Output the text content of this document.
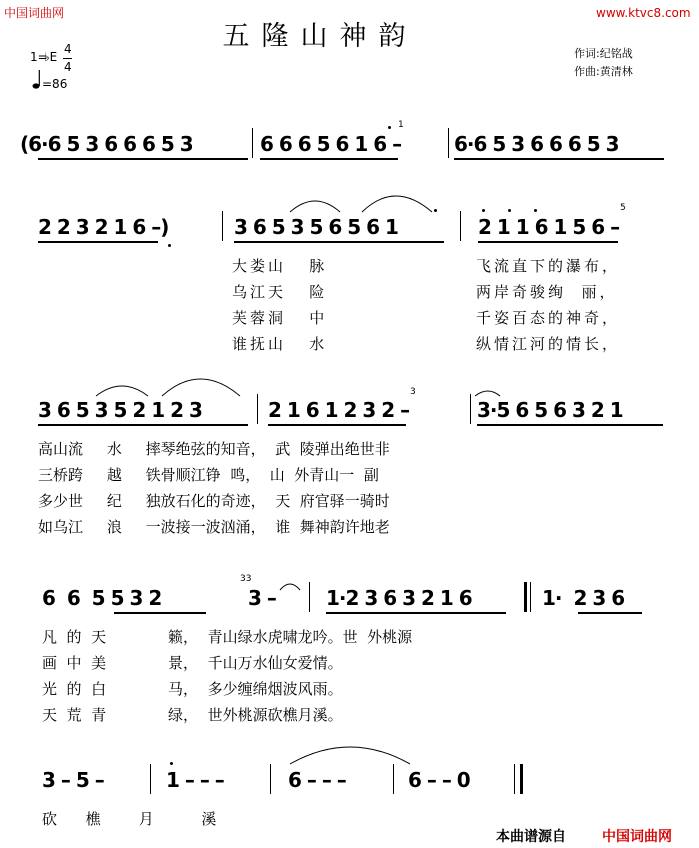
中国词曲网	www.ktvc8.com
五隆山神韵
作词:纪铭战
作曲:黄清林
1=
♭E
4
4
=86
(6·6 5 3 6 6 6 5 3	6 6 6 5 6 1 6 –	6·6 5 3 6 6 6 5 3
1
2 2 3 2 1 6 –)	3 6 5 3 5 6 5 6 1	2 1 1 6 1 5 6 –
5
大娄山   脉	飞流直下的瀑布，
乌江天   险	两岸奇骏绚  丽，
芙蓉洞   中	千姿百态的神奇，
谁抚山   水	纵情江河的情长，
3 6 5 3 5 2 1 2 3	2 1 6 1 2 3 2 –	3·5 6 5 6 3 2 1
3
高山流     水     摔琴绝弦的知音，  武  陵弹出绝世非
三桥跨     越     铁骨顺江铮  鸣，  山  外青山一  副
多少世     纪     独放石化的奇迹，  天  府官驿一骑时
如乌江     浪     一波接一波汹涌，  谁  舞神韵许地老
6  6  5 5 3 2	3 –
33
1·2 3 6 3 2 1 6	1·  2 3 6
凡  的  天             籁，  青山绿水虎啸龙吟。世  外桃源
画  中  美             景，  千山万水仙女爱情。
光  的  白             马，  多少缠绵烟波风雨。
天  荒  青             绿，  世外桃源砍樵月溪。
3 – 5 –	1 – – –	6 – – –	6 – – 0
砍      樵        月          溪
本曲谱源自	中国词曲网
